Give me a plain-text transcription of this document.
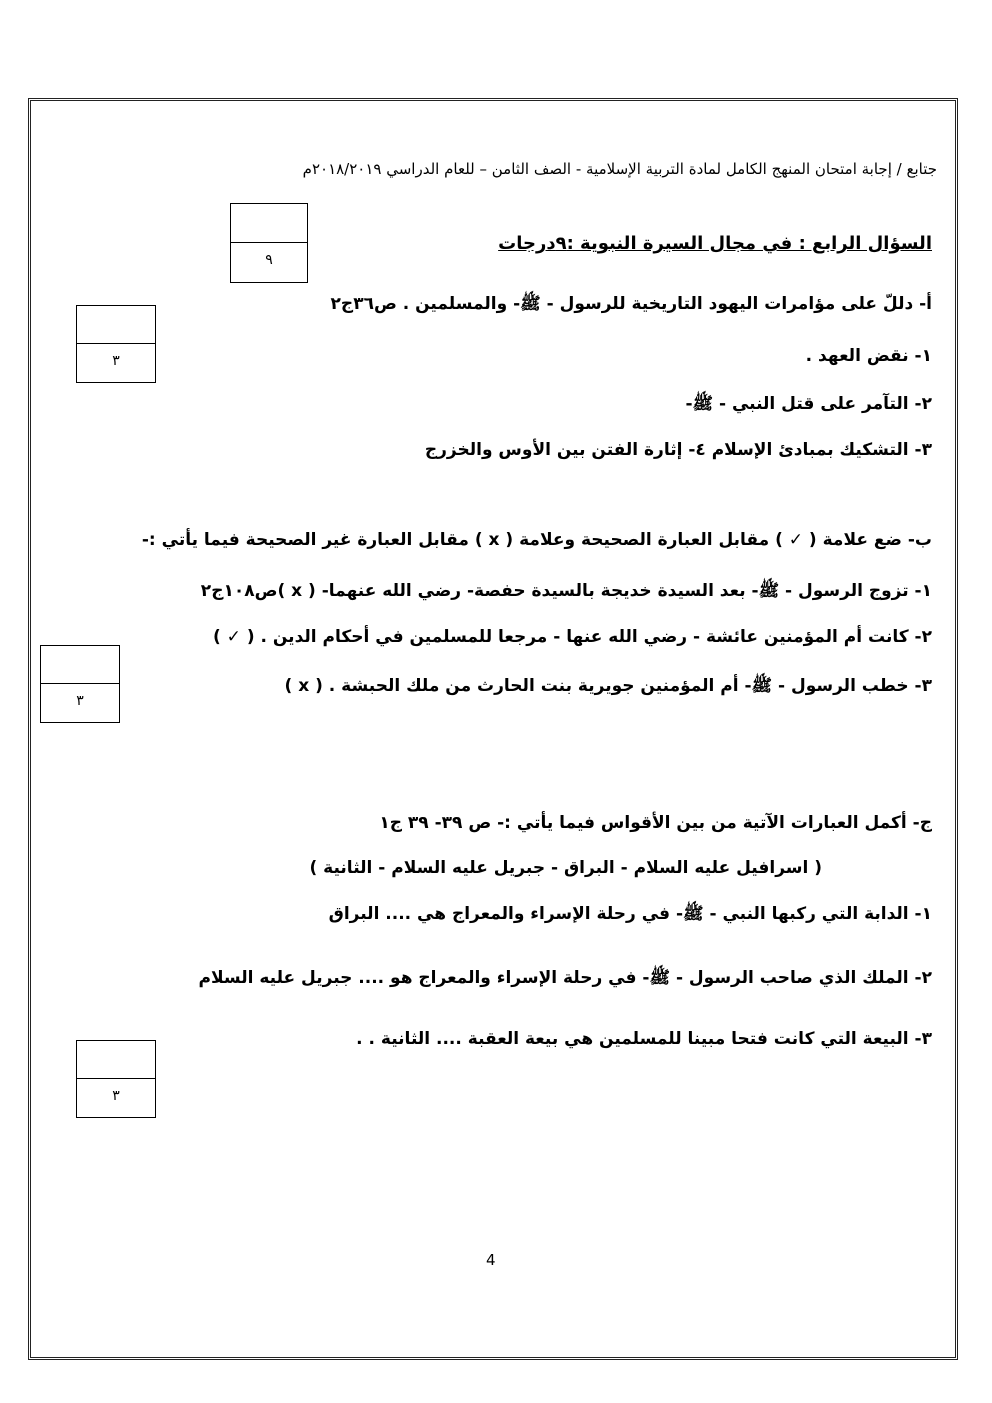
جتابع / إجابة امتحان المنهج الكامل لمادة التربية الإسلامية - الصف الثامن – للعام الدراسي ٢٠١٨/٢٠١٩م
السؤال الرابع : في مجال السيرة النبوية :٩درجات
٩
أ- دللّ على مؤامرات اليهود التاريخية للرسول - ﷺ- والمسلمين . ص٣٦ج٢
١- نقض العهد .
٢- التآمر على قتل النبي - ﷺ-
٣- التشكيك بمبادئ الإسلام ٤- إثارة الفتن بين الأوس والخزرج
٣
ب- ضع علامة ( ✓ ) مقابل العبارة الصحيحة وعلامة ( x ) مقابل العبارة غير الصحيحة فيما يأتي :-
١- تزوج الرسول - ﷺ- بعد السيدة خديجة بالسيدة حفصة- رضي الله عنهما- ( x )ص١٠٨ج٢
٢- كانت أم المؤمنين عائشة - رضي الله عنها - مرجعا للمسلمين في أحكام الدين . ( ✓ )
٣- خطب الرسول - ﷺ- أم المؤمنين جويرية بنت الحارث من ملك الحبشة . ( x )
٣
ج- أكمل العبارات الآتية من بين الأقواس فيما يأتي :- ص ٣٩- ٣٩ ج١
( اسرافيل عليه السلام - البراق - جبريل عليه السلام - الثانية )
١- الدابة التي ركبها النبي - ﷺ- في رحلة الإسراء والمعراج هي .... البراق
٢- الملك الذي صاحب الرسول - ﷺ- في رحلة الإسراء والمعراج هو .... جبريل عليه السلام
٣- البيعة التي كانت فتحا مبينا للمسلمين هي بيعة العقبة .... الثانية . .
٣
4
